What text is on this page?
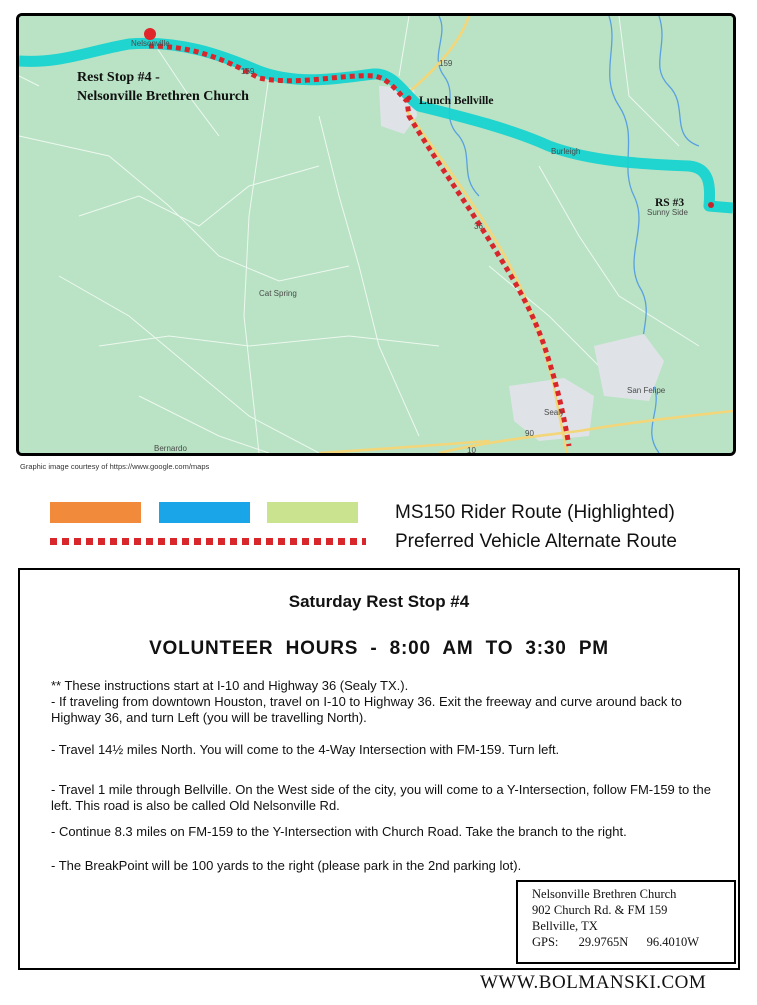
Rest Stop #4 -
Nelsonville Brethren Church	Lunch Bellville
RS #3
Nelsonville
Burleigh
Sunny Side
Cat Spring
San Felipe
Sealy
Bernardo
159
159
36
90
10
Graphic image courtesy of https://www.google.com/maps
MS150 Rider Route (Highlighted)
Preferred Vehicle Alternate Route
Saturday Rest Stop #4
VOLUNTEER  HOURS  -  8:00  AM  TO  3:30  PM
** These instructions start at I-10 and Highway 36 (Sealy TX.).
- If traveling from downtown Houston, travel on I-10 to Highway 36. Exit the freeway and curve around back to Highway 36, and turn Left (you will be travelling North).
- Travel 14½ miles North. You will come to the 4-Way Intersection with FM-159. Turn left.
- Travel 1 mile through Bellville. On the West side of the city, you will come to a Y-Intersection, follow FM-159 to the left. This road is also be called Old Nelsonville Rd.
- Continue 8.3 miles on FM-159 to the Y-Intersection with Church Road. Take the branch to the right.
- The BreakPoint will be 100 yards to the right (please park in the 2nd parking lot).
Nelsonville Brethren Church
902 Church Rd. & FM 159
Bellville, TX
GPS: 29.9765N 96.4010W
WWW.BOLMANSKI.COM
